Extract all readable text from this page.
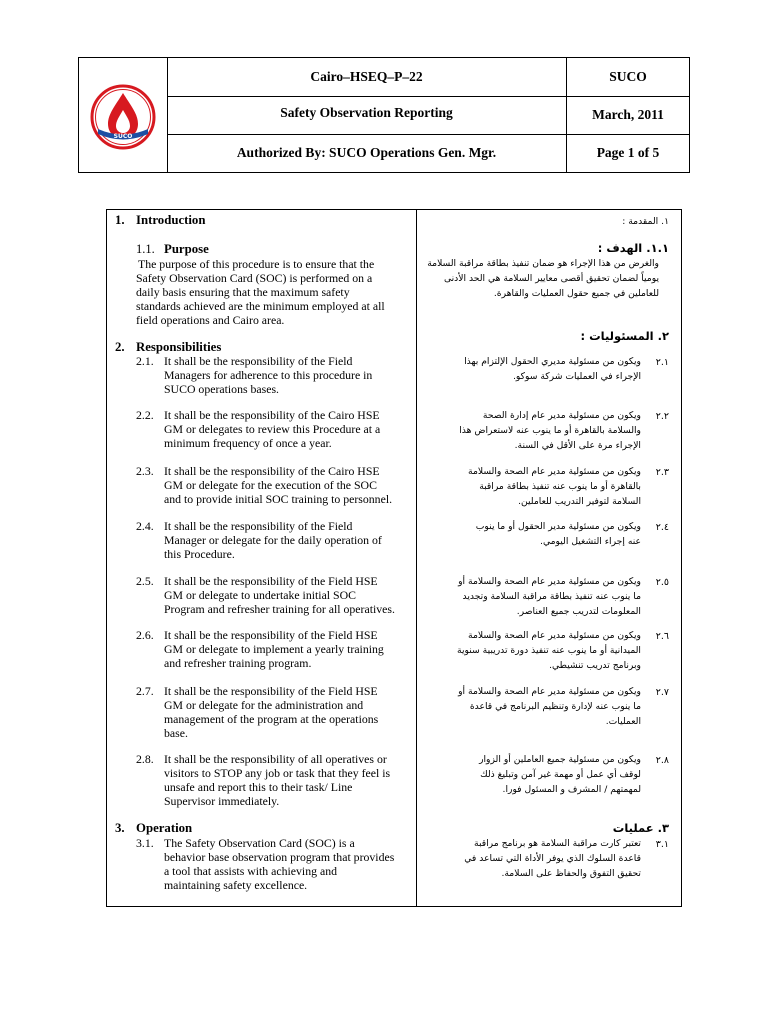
SUCO
Cairo–HSEQ–P–22	SUCO
Safety Observation Reporting	March, 2011
Authorized By: SUCO Operations Gen. Mgr.	Page 1 of 5
1. Introduction
1.1. Purpose
The purpose of this procedure is to ensure that the
Safety Observation Card (SOC) is performed on a
daily basis ensuring that the maximum safety
standards achieved are the minimum employed at all
field operations and Cairo area.
2. Responsibilities
2.1. It shall be the responsibility of the Field
Managers for adherence to this procedure in
SUCO operations bases.
2.2. It shall be the responsibility of the Cairo HSE
GM or delegates to review this Procedure at a
minimum frequency of once a year.
2.3. It shall be the responsibility of the Cairo HSE
GM or delegate for the execution of the SOC
and to provide initial SOC training to personnel.
2.4. It shall be the responsibility of the Field
Manager or delegate for the daily operation of
this Procedure.
2.5. It shall be the responsibility of the Field HSE
GM or delegate to undertake initial SOC
Program and refresher training for all operatives.
2.6. It shall be the responsibility of the Field HSE
GM or delegate to implement a yearly training
and refresher training program.
2.7. It shall be the responsibility of the Field HSE
GM or delegate for the administration and
management of the program at the operations
base.
2.8. It shall be the responsibility of all operatives or
visitors to STOP any job or task that they feel is
unsafe and report this to their task/ Line
Supervisor immediately.
3. Operation
3.1. The Safety Observation Card (SOC) is a
behavior base observation program that provides
a tool that assists with achieving and
maintaining safety excellence.
١. المقدمة :
١.١. الهدف :
والغرض من هذا الإجراء هو ضمان تنفيذ بطاقة مراقبة السلامة
يومياً لضمان تحقيق أقصى معايير السلامة هي الحد الأدنى
للعاملين في جميع حقول العمليات والقاهرة.
٢. المسئوليات :
٢.١
ويكون من مسئولية مديري الحقول الإلتزام بهذا
الإجراء في العمليات شركة سوكو.
٢.٢
ويكون من مسئولية مدير عام إدارة الصحة
والسلامة بالقاهرة أو ما ينوب عنه لاستعراض هذا
الإجراء مرة على الأقل في السنة.
٢.٣
ويكون من مسئولية مدير عام الصحة والسلامة
بالقاهرة أو ما ينوب عنه تنفيذ بطاقة مراقبة
السلامة لتوفير التدريب للعاملين.
٢.٤
ويكون من مسئولية مدير الحقول أو ما ينوب
عنه إجراء التشغيل اليومي.
٢.٥
ويكون من مسئولية مدير عام الصحة والسلامة أو
ما ينوب عنه تنفيذ بطاقة مراقبة السلامة وتجديد
المعلومات لتدريب جميع العناصر.
٢.٦
ويكون من مسئولية مدير عام الصحة والسلامة
الميدانية أو ما ينوب عنه تنفيذ دورة تدريبية سنوية
وبرنامج تدريب تنشيطي.
٢.٧
ويكون من مسئولية مدير عام الصحة والسلامة أو
ما ينوب عنه لإدارة وتنظيم البرنامج في قاعدة
العمليات.
٢.٨
ويكون من مسئولية جميع العاملين أو الزوار
لوقف أي عمل أو مهمة غير آمن وتبليغ ذلك
لمهمتهم / المشرف و المسئول فورا.
٣. عمليات
٣.١
تعتبر كارت مراقبة السلامة هو برنامج مراقبة
قاعدة السلوك الذي يوفر الأداة التي تساعد في
تحقيق التفوق والحفاظ على السلامة.
